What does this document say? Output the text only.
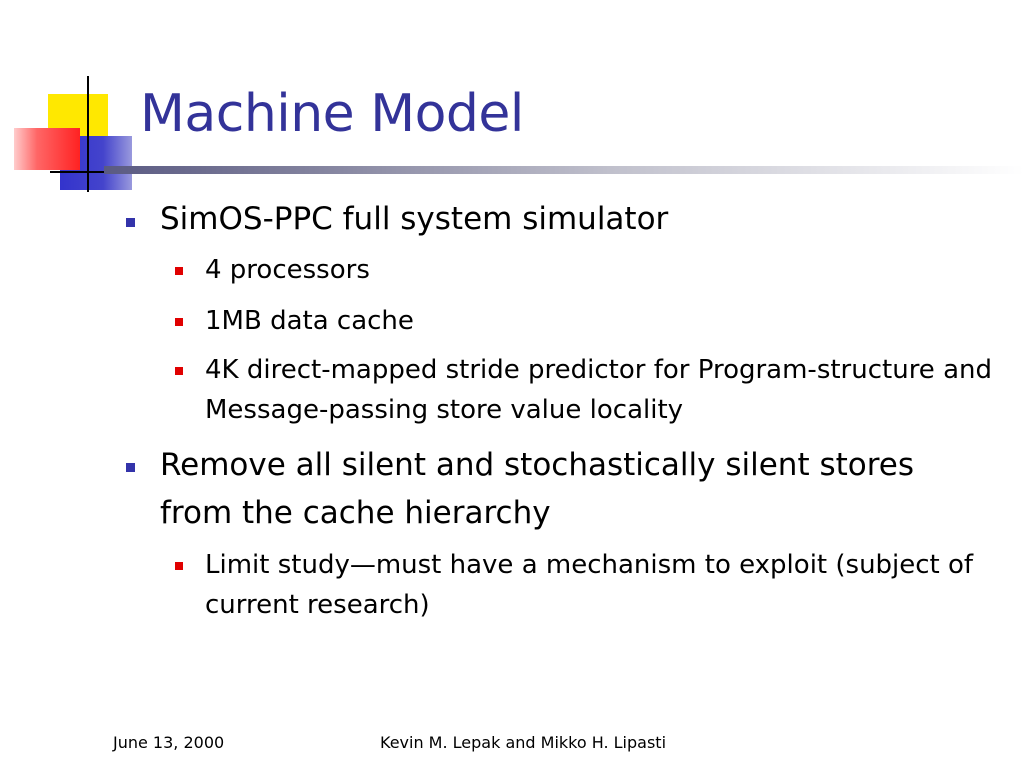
Machine Model
SimOS-PPC full system simulator
4 processors
1MB data cache
4K direct-mapped stride predictor for Program-structure and Message-passing store value locality
Remove all silent and stochastically silent stores from the cache hierarchy
Limit study—must have a mechanism to exploit (subject of current research)
June 13, 2000	Kevin M. Lepak and Mikko H. Lipasti
